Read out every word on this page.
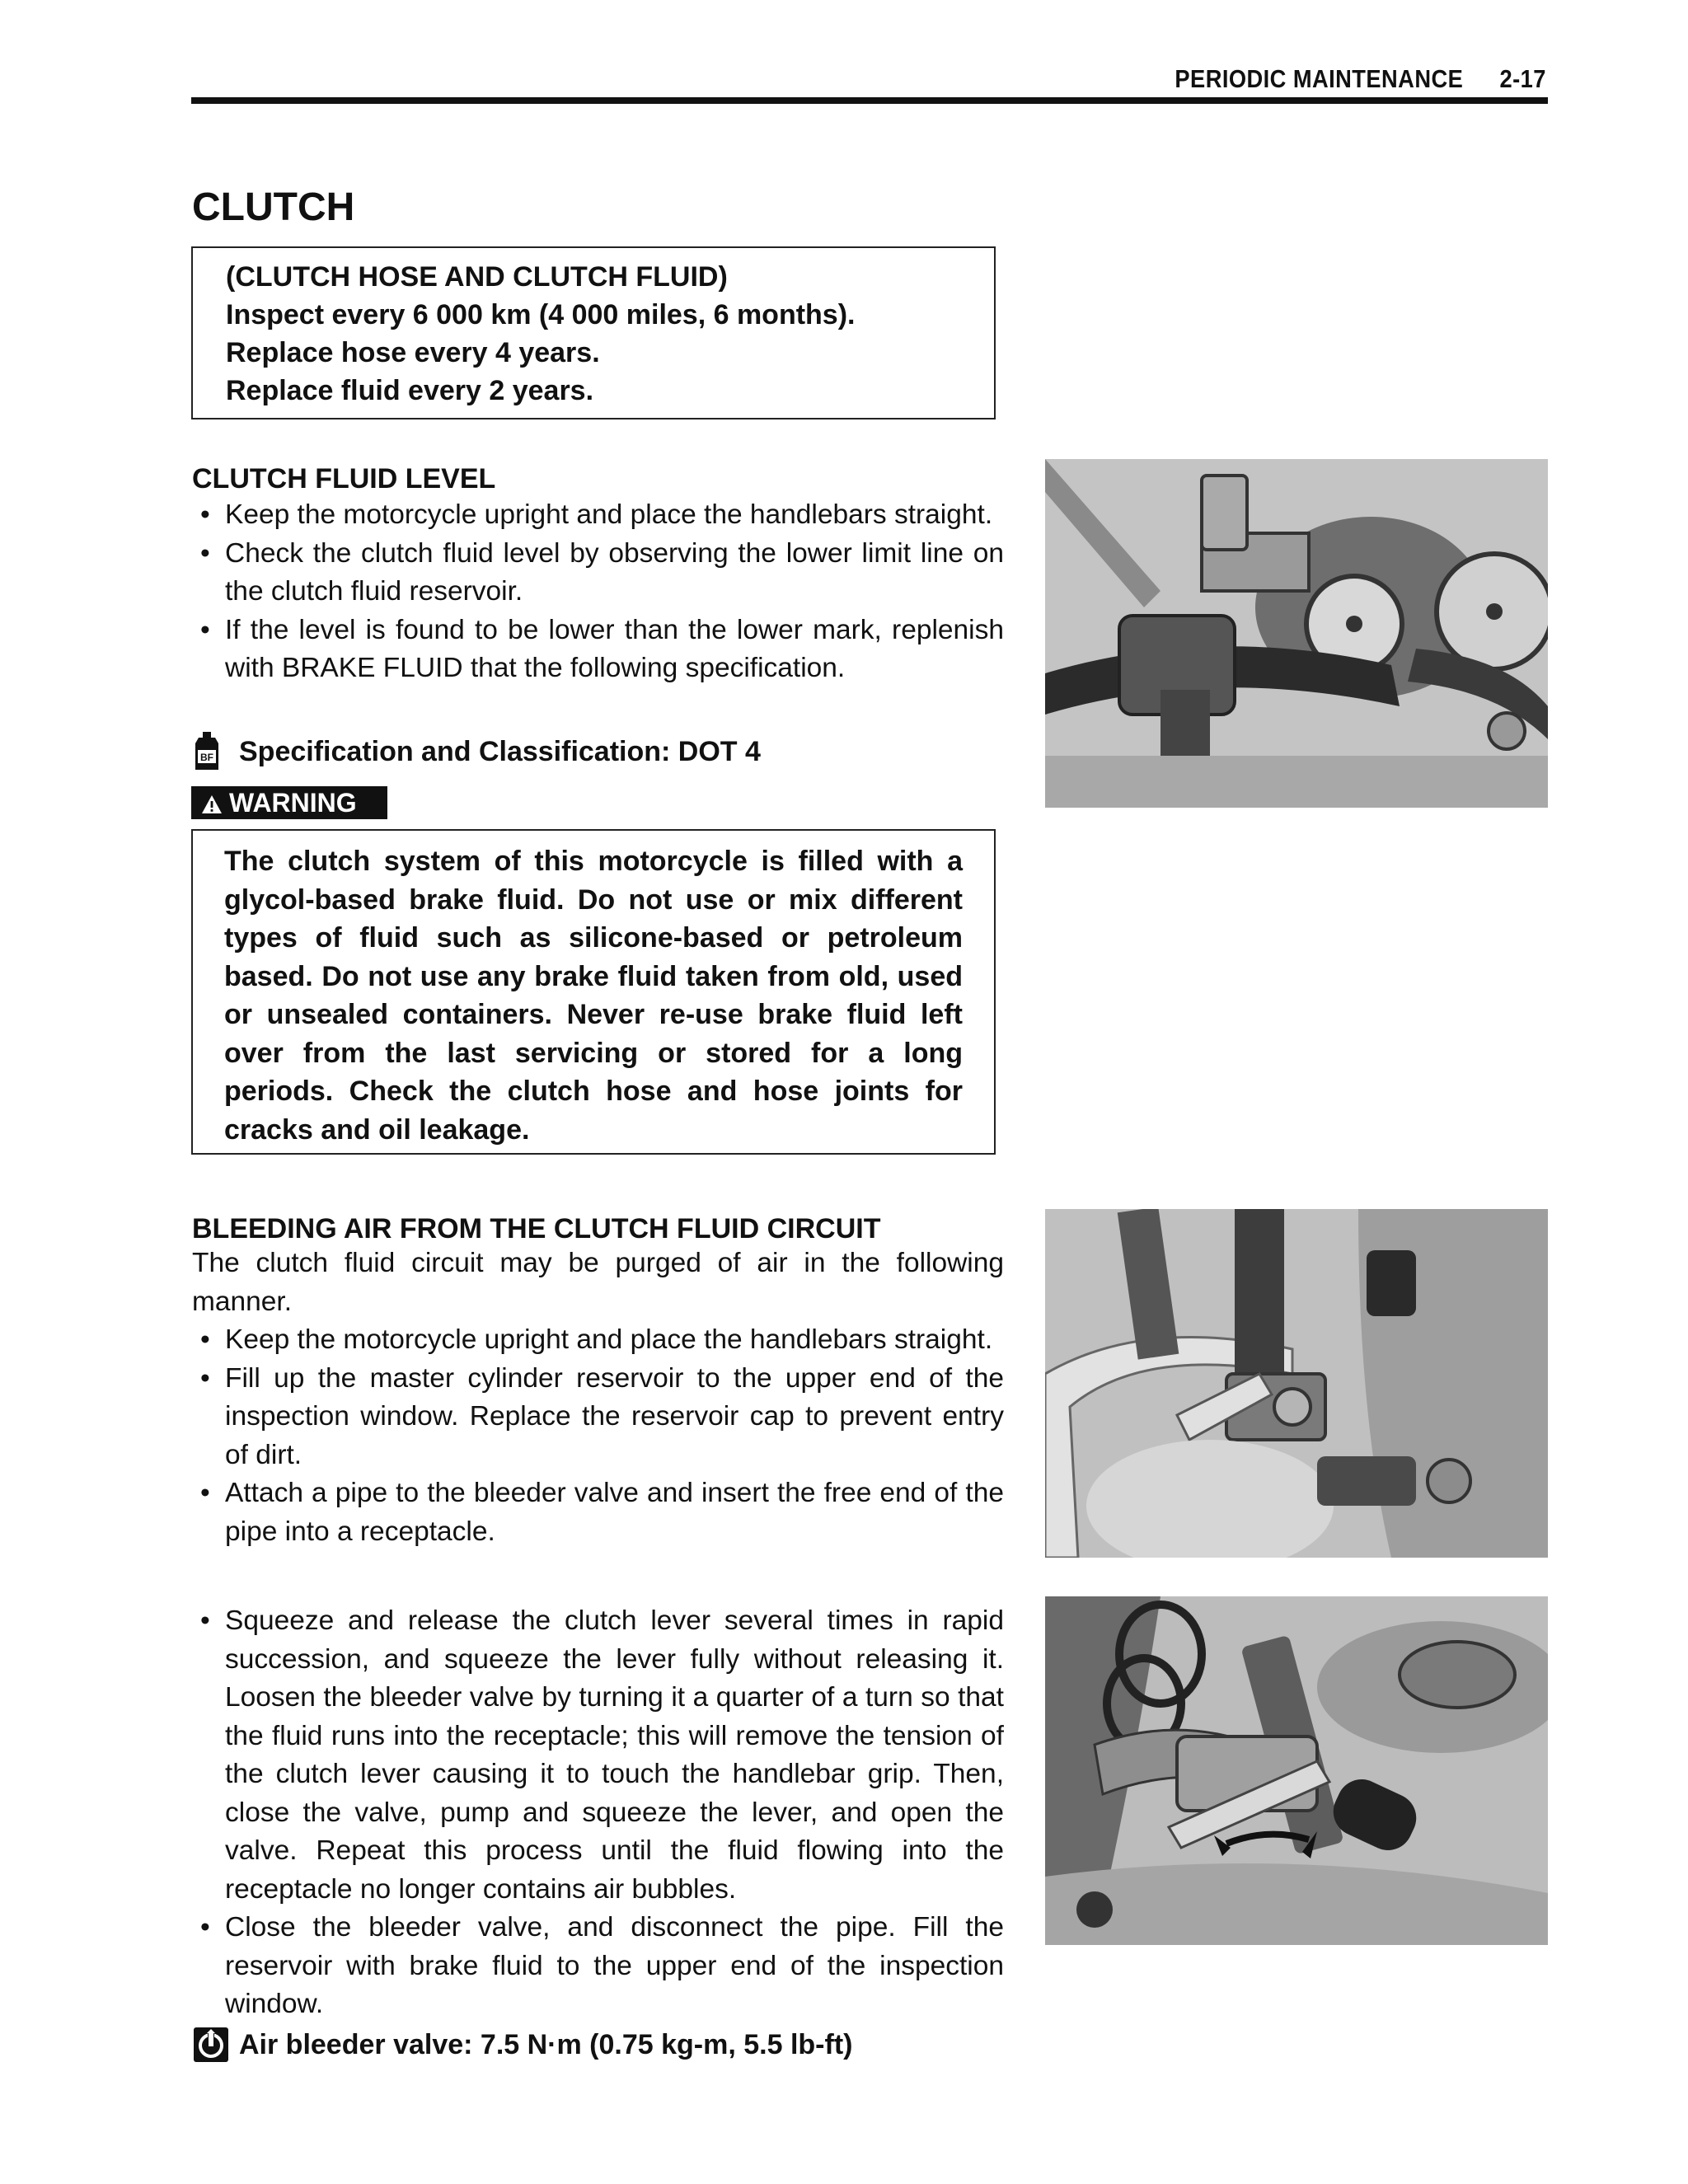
PERIODIC MAINTENANCE 2-17
CLUTCH
(CLUTCH HOSE AND CLUTCH FLUID)
Inspect every 6 000 km (4 000 miles, 6 months).
Replace hose every 4 years.
Replace fluid every 2 years.
CLUTCH FLUID LEVEL
• Keep the motorcycle upright and place the handlebars straight.
• Check the clutch fluid level by observing the lower limit line on the clutch fluid reservoir.
• If the level is found to be lower than the lower mark, replenish with BRAKE FLUID that the following specification.
BF Specification and Classification: DOT 4
WARNING

The clutch system of this motorcycle is filled with a glycol-based brake fluid. Do not use or mix different types of fluid such as silicone-based or petroleum based. Do not use any brake fluid taken from old, used or unsealed containers. Never re-use brake fluid left over from the last servicing or stored for a long periods. Check the clutch hose and hose joints for cracks and oil leakage.

BLEEDING AIR FROM THE CLUTCH FLUID CIRCUIT
The clutch fluid circuit may be purged of air in the following manner.
• Keep the motorcycle upright and place the handlebars straight.
• Fill up the master cylinder reservoir to the upper end of the inspection window. Replace the reservoir cap to prevent entry of dirt.
• Attach a pipe to the bleeder valve and insert the free end of the pipe into a receptacle.
• Squeeze and release the clutch lever several times in rapid succession, and squeeze the lever fully without releasing it. Loosen the bleeder valve by turning it a quarter of a turn so that the fluid runs into the receptacle; this will remove the tension of the clutch lever causing it to touch the handlebar grip. Then, close the valve, pump and squeeze the lever, and open the valve. Repeat this process until the fluid flowing into the receptacle no longer contains air bubbles.
• Close the bleeder valve, and disconnect the pipe. Fill the reservoir with brake fluid to the upper end of the inspection window.
Air bleeder valve: 7.5 N·m (0.75 kg-m, 5.5 lb-ft)
